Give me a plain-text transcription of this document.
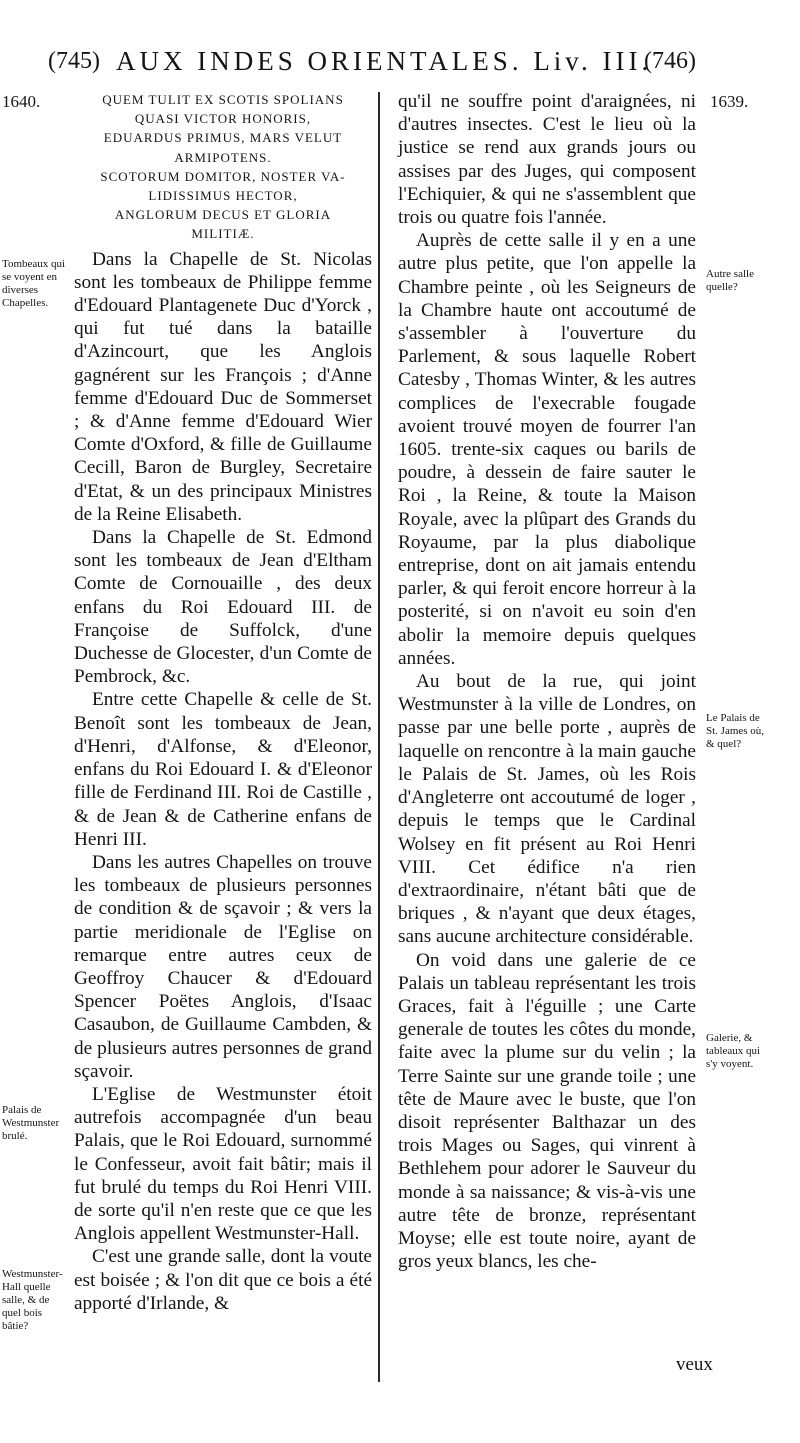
(745) AUX INDES ORIENTALES. Liv. III.
(746)
1640.	1639.
QUEM TULIT EX SCOTIS SPOLIANS
QUASI VICTOR HONORIS,
EDUARDUS PRIMUS, MARS VELUT
ARMIPOTENS.
SCOTORUM DOMITOR, NOSTER VA-
LIDISSIMUS HECTOR,
ANGLORUM DECUS ET GLORIA
MILITIÆ.

Dans la Chapelle de St. Nicolas sont les tombeaux de Philippe femme d'Edouard Plantagenete Duc d'Yorck , qui fut tué dans la bataille d'Azincourt, que les Anglois gagnérent sur les François ; d'Anne femme d'Edouard Duc de Sommerset ; & d'Anne femme d'Edouard Wier Comte d'Oxford, & fille de Guillaume Cecill, Baron de Burgley, Secretaire d'Etat, & un des principaux Ministres de la Reine Elisabeth.

Dans la Chapelle de St. Edmond sont les tombeaux de Jean d'Eltham Comte de Cornouaille , des deux enfans du Roi Edouard III. de Françoise de Suffolck, d'une Duchesse de Glocester, d'un Comte de Pembrock, &c.

Entre cette Chapelle & celle de St. Benoît sont les tombeaux de Jean, d'Henri, d'Alfonse, & d'Eleonor, enfans du Roi Edouard I. & d'Eleonor fille de Ferdinand III. Roi de Castille , & de Jean & de Catherine enfans de Henri III.

Dans les autres Chapelles on trouve les tombeaux de plusieurs personnes de condition & de sçavoir ; & vers la partie meridionale de l'Eglise on remarque entre autres ceux de Geoffroy Chaucer & d'Edouard Spencer Poëtes Anglois, d'Isaac Casaubon, de Guillaume Cambden, & de plusieurs autres personnes de grand sçavoir.

L'Eglise de Westmunster étoit autrefois accompagnée d'un beau Palais, que le Roi Edouard, surnommé le Confesseur, avoit fait bâtir; mais il fut brulé du temps du Roi Henri VIII. de sorte qu'il n'en reste que ce que les Anglois appellent Westmunster-Hall.

C'est une grande salle, dont la voute est boisée ; & l'on dit que ce bois a été apporté d'Irlande, &

qu'il ne souffre point d'araignées, ni d'autres insectes. C'est le lieu où la justice se rend aux grands jours ou assises par des Juges, qui composent l'Echiquier, & qui ne s'assemblent que trois ou quatre fois l'année.

Auprès de cette salle il y en a une autre plus petite, que l'on appelle la Chambre peinte , où les Seigneurs de la Chambre haute ont accoutumé de s'assembler à l'ouverture du Parlement, & sous laquelle Robert Catesby , Thomas Winter, & les autres complices de l'execrable fougade avoient trouvé moyen de fourrer l'an 1605. trente-six caques ou barils de poudre, à dessein de faire sauter le Roi , la Reine, & toute la Maison Royale, avec la plûpart des Grands du Royaume, par la plus diabolique entreprise, dont on ait jamais entendu parler, & qui feroit encore horreur à la posterité, si on n'avoit eu soin d'en abolir la memoire depuis quelques années.

Au bout de la rue, qui joint Westmunster à la ville de Londres, on passe par une belle porte , auprès de laquelle on rencontre à la main gauche le Palais de St. James, où les Rois d'Angleterre ont accoutumé de loger , depuis le temps que le Cardinal Wolsey en fit présent au Roi Henri VIII. Cet édifice n'a rien d'extraordinaire, n'étant bâti que de briques , & n'ayant que deux étages, sans aucune architecture considérable.

On void dans une galerie de ce Palais un tableau représentant les trois Graces, fait à l'éguille ; une Carte generale de toutes les côtes du monde, faite avec la plume sur du velin ; la Terre Sainte sur une grande toile ; une tête de Maure avec le buste, que l'on disoit représenter Balthazar un des trois Mages ou Sages, qui vinrent à Bethlehem pour adorer le Sauveur du monde à sa naissance; & vis-à-vis une autre tête de bronze, représentant Moyse; elle est toute noire, ayant de gros yeux blancs, les che-

veux
Tombeaux qui se voyent en diverses Chapelles.
Palais de Westmunster brulé.
Westmunster-Hall quelle salle, & de quel bois bâtie?
Autre salle quelle?
Le Palais de St. James où, & quel?
Galerie, & tableaux qui s'y voyent.
